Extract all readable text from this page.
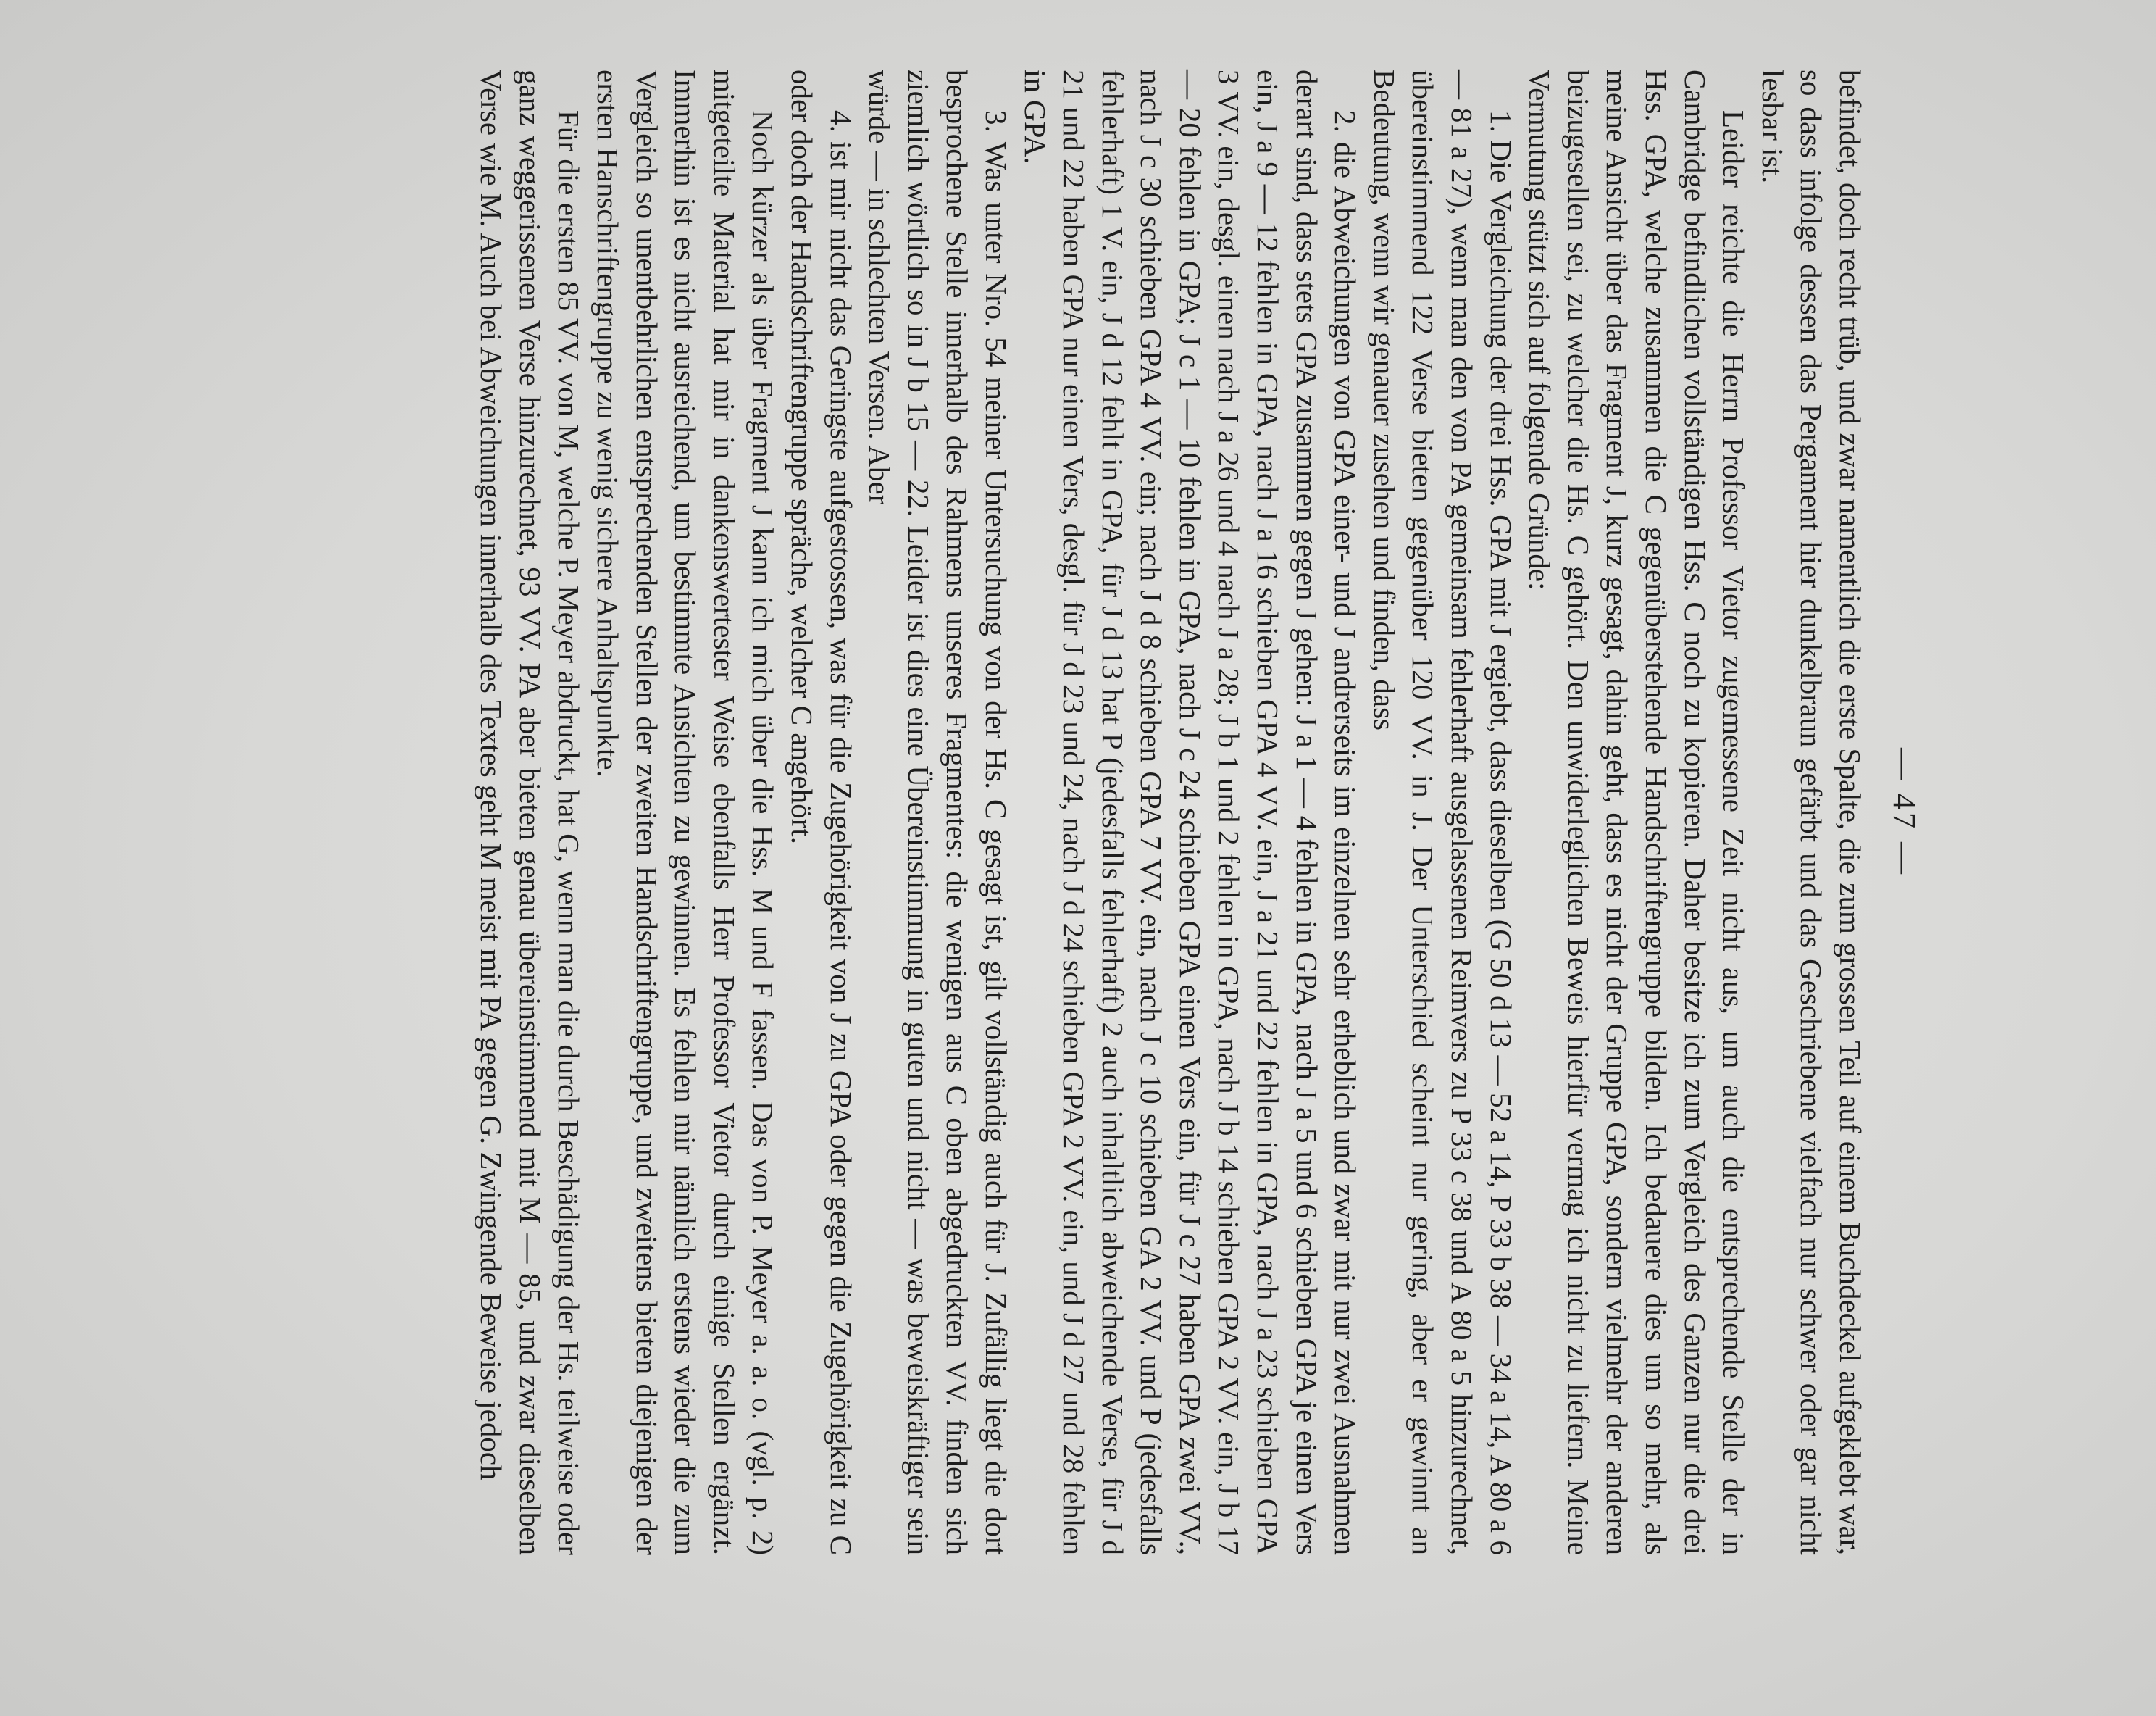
— 47 —

befindet, doch recht trüb, und zwar namentlich die erste Spalte, die zum grossen Teil auf einem Buchdeckel aufgeklebt war, so dass infolge dessen das Pergament hier dunkelbraun gefärbt und das Geschriebene vielfach nur schwer oder gar nicht lesbar ist.

Leider reichte die Herrn Professor Vietor zugemessene Zeit nicht aus, um auch die entsprechende Stelle der in Cambridge befindlichen vollständigen Hss. C noch zu kopieren. Daher besitze ich zum Vergleich des Ganzen nur die drei Hss. GPA, welche zusammen die C gegenüberstehende Handschriftengruppe bilden. Ich bedauere dies um so mehr, als meine Ansicht über das Fragment J, kurz gesagt, dahin geht, dass es nicht der Gruppe GPA, sondern vielmehr der anderen beizugesellen sei, zu welcher die Hs. C gehört. Den unwiderleglichen Beweis hierfür vermag ich nicht zu liefern. Meine Vermutung stützt sich auf folgende Gründe:

1. Die Vergleichung der drei Hss. GPA mit J ergiebt, dass dieselben (G 50 d 13 — 52 a 14, P 33 b 38 — 34 a 14, A 80 a 6 — 81 a 27), wenn man den von PA gemeinsam fehlerhaft ausgelassenen Reimvers zu P 33 c 38 und A 80 a 5 hinzurechnet, übereinstimmend 122 Verse bieten gegenüber 120 VV. in J. Der Unterschied scheint nur gering, aber er gewinnt an Bedeutung, wenn wir genauer zusehen und finden, dass

2. die Abweichungen von GPA einer- und J andrerseits im einzelnen sehr erheblich und zwar mit nur zwei Ausnahmen derart sind, dass stets GPA zusammen gegen J gehen: J a 1 — 4 fehlen in GPA, nach J a 5 und 6 schieben GPA je einen Vers ein, J a 9 — 12 fehlen in GPA, nach J a 16 schieben GPA 4 VV. ein, J a 21 und 22 fehlen in GPA, nach J a 23 schieben GPA 3 VV. ein, desgl. einen nach J a 26 und 4 nach J a 28; J b 1 und 2 fehlen in GPA, nach J b 14 schieben GPA 2 VV. ein, J b 17 — 20 fehlen in GPA; J c 1 — 10 fehlen in GPA, nach J c 24 schieben GPA einen Vers ein, für J c 27 haben GPA zwei VV., nach J c 30 schieben GPA 4 VV. ein; nach J d 8 schieben GPA 7 VV. ein, nach J c 10 schieben GA 2 VV. und P (jedesfalls fehlerhaft) 1 V. ein, J d 12 fehlt in GPA, für J d 13 hat P (jedesfalls fehlerhaft) 2 auch inhaltlich abweichende Verse, für J d 21 und 22 haben GPA nur einen Vers, desgl. für J d 23 und 24, nach J d 24 schieben GPA 2 VV. ein, und J d 27 und 28 fehlen in GPA.

3. Was unter Nro. 54 meiner Untersuchung von der Hs. C gesagt ist, gilt vollständig auch für J. Zufällig liegt die dort besprochene Stelle innerhalb des Rahmens unseres Fragmentes: die wenigen aus C oben abgedruckten VV. finden sich ziemlich wörtlich so in J b 15 — 22. Leider ist dies eine Übereinstimmung in guten und nicht — was beweiskräftiger sein würde — in schlechten Versen. Aber

4. ist mir nicht das Geringste aufgestossen, was für die Zugehörigkeit von J zu GPA oder gegen die Zugehörigkeit zu C oder doch der Handschriftengruppe spräche, welcher C angehört.

Noch kürzer als über Fragment J kann ich mich über die Hss. M und F fassen. Das von P. Meyer a. a. o. (vgl. p. 2) mitgeteilte Material hat mir in dankenswertester Weise ebenfalls Herr Professor Vietor durch einige Stellen ergänzt. Immerhin ist es nicht ausreichend, um bestimmte Ansichten zu gewinnen. Es fehlen mir nämlich erstens wieder die zum Vergleich so unentbehrlichen entsprechenden Stellen der zweiten Handschriftengruppe, und zweitens bieten diejenigen der ersten Hanschriftengruppe zu wenig sichere Anhaltspunkte.

Für die ersten 85 VV. von M, welche P. Meyer abdruckt, hat G, wenn man die durch Beschädigung der Hs. teilweise oder ganz weggerissenen Verse hinzurechnet, 93 VV. PA aber bieten genau übereinstimmend mit M — 85, und zwar dieselben Verse wie M. Auch bei Abweichungen innerhalb des Textes geht M meist mit PA gegen G. Zwingende Beweise jedoch
